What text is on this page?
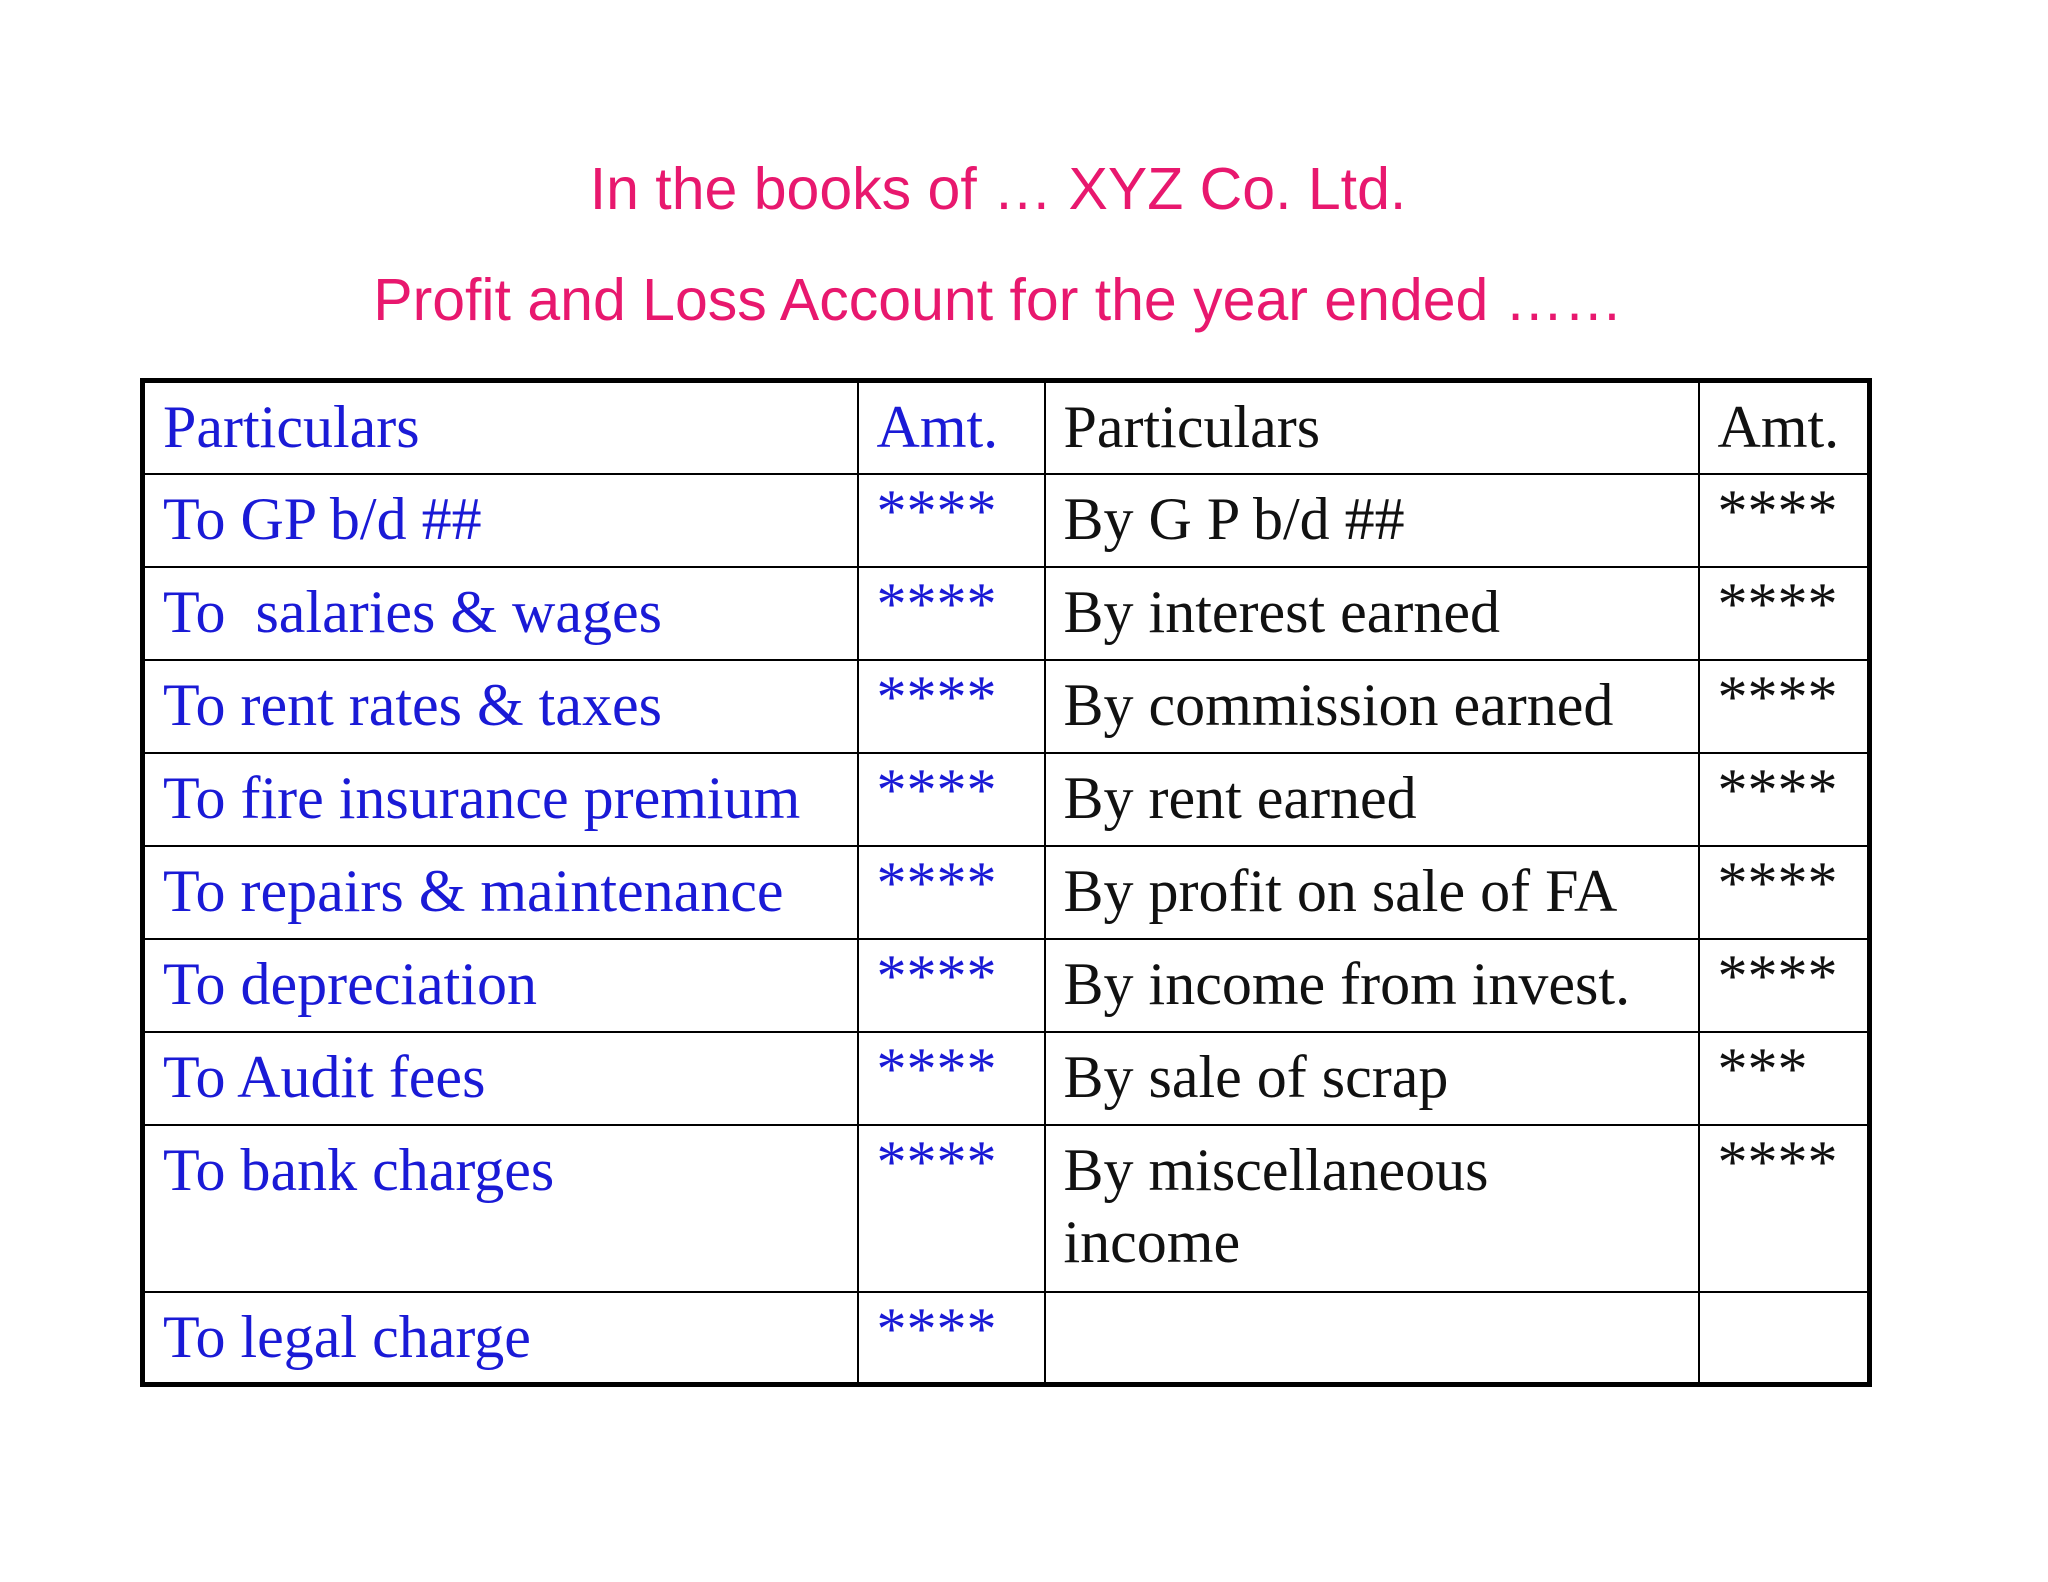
In the books of … XYZ Co. Ltd.
Profit and Loss Account for the year ended ……
Particulars	Amt.	Particulars	Amt.

To GP b/d ##	****	By G P b/d ##	****

To  salaries & wages	****	By interest earned	****

To rent rates & taxes	****	By commission earned	****

To fire insurance premium	****	By rent earned	****

To repairs & maintenance	****	By profit on sale of FA	****

To depreciation	****	By income from invest.	****

To Audit fees	****	By sale of scrap	***

To bank charges	****	By miscellaneous income	****

To legal charge	****		
